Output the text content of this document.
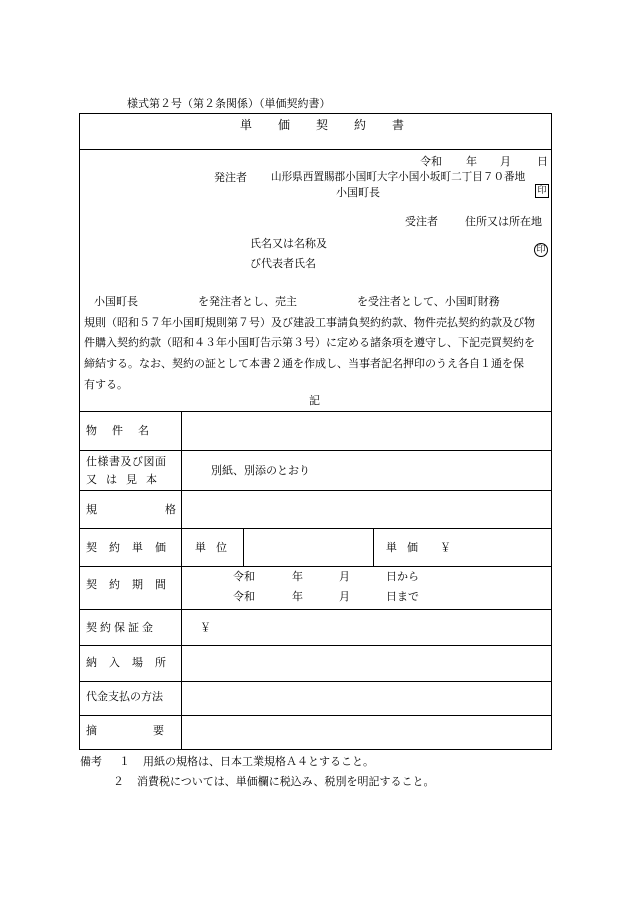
様式第２号（第２条関係）（単価契約書）
単価契約書
令和 年 月 日
発注者 山形県西置賜郡小国町大字小国小坂町二丁目７０番地
小国町長	印
受注者 住所又は所在地
氏名又は名称及
び代表者氏名
印
小国町長	を発注者とし、売主	を受注者として、小国町財務
規則（昭和５７年小国町規則第７号）及び建設工事請負契約約款、物件売払契約約款及び物
件購入契約約款（昭和４３年小国町告示第３号）に定める諸条項を遵守し、下記売買契約を
締結する。なお、契約の証として本書２通を作成し、当事者記名押印のうえ各自１通を保
有する。
記
物件名
仕様書及び図面
又は見本
別紙、別添のとおり
規格
契約単価 単位	単価 ￥
契約期間
令和	年	月	日から
令和	年	月	日まで
契約保証金	￥
納入場所
代金支払の方法
摘要
備考 １ 用紙の規格は、日本工業規格Ａ４とすること。
２ 消費税については、単価欄に税込み、税別を明記すること。
